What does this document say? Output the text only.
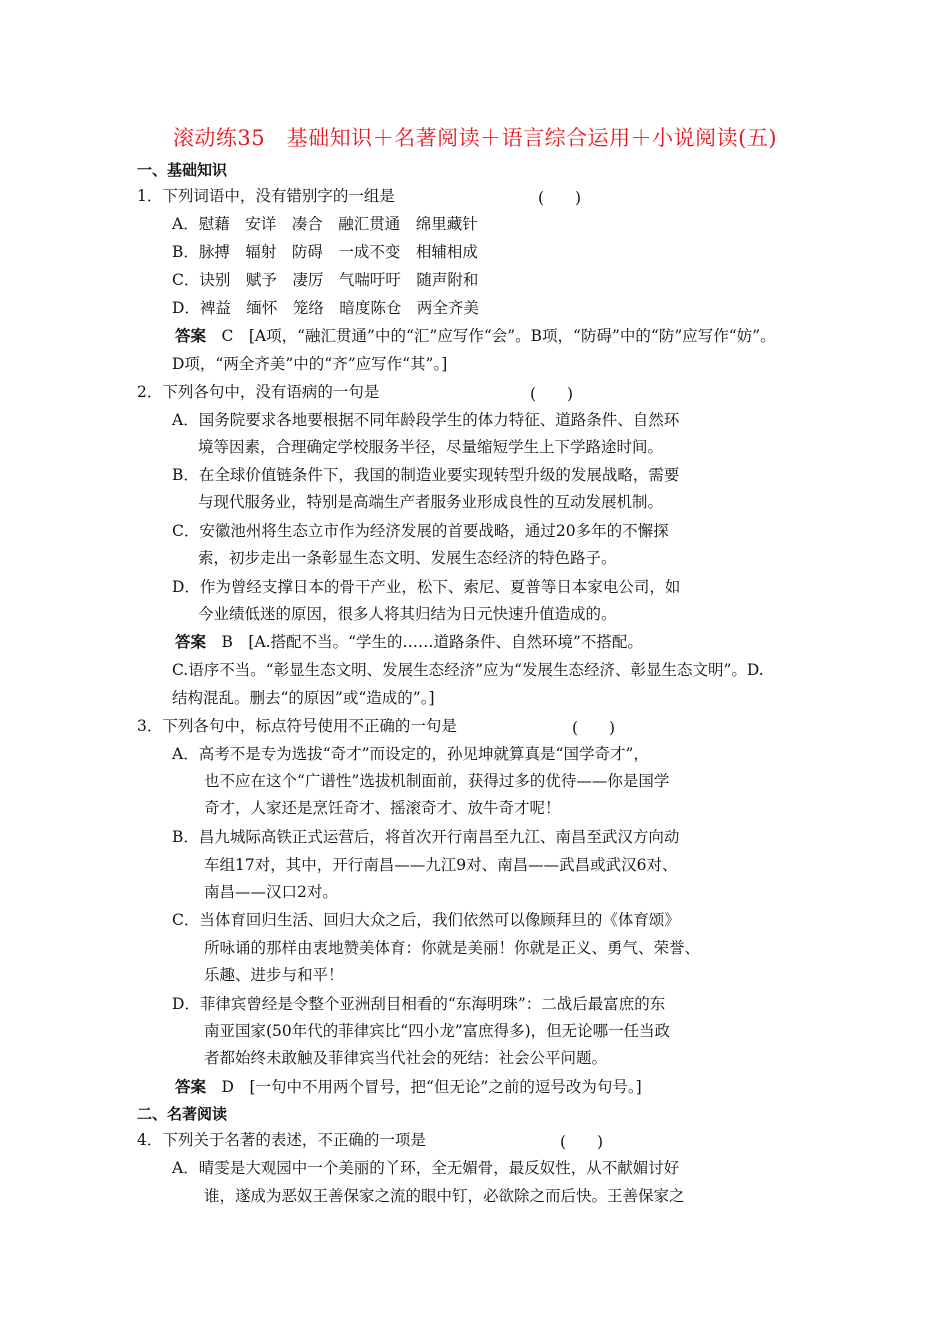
滚动练35　基础知识＋名著阅读＋语言综合运用＋小说阅读(五)
一、基础知识
1．下列词语中，没有错别字的一组是	(　　)
A．慰藉　安详　凑合　融汇贯通　绵里藏针
B．脉搏　辐射　防碍　一成不变　相辅相成
C．诀别　赋予　凄厉　气喘吁吁　随声附和
D．裨益　缅怀　笼络　暗度陈仓　两全齐美
答案　C　[A项，“融汇贯通”中的“汇”应写作“会”。B项，“防碍”中的“防”应写作“妨”。
D项，“两全齐美”中的“齐”应写作“其”。]
2．下列各句中，没有语病的一句是	(　　)
A．国务院要求各地要根据不同年龄段学生的体力特征、道路条件、自然环
境等因素，合理确定学校服务半径，尽量缩短学生上下学路途时间。
B．在全球价值链条件下，我国的制造业要实现转型升级的发展战略，需要
与现代服务业，特别是高端生产者服务业形成良性的互动发展机制。
C．安徽池州将生态立市作为经济发展的首要战略，通过20多年的不懈探
索，初步走出一条彰显生态文明、发展生态经济的特色路子。
D．作为曾经支撑日本的骨干产业，松下、索尼、夏普等日本家电公司，如
今业绩低迷的原因，很多人将其归结为日元快速升值造成的。
答案　B　[A.搭配不当。“学生的……道路条件、自然环境”不搭配。
C.语序不当。“彰显生态文明、发展生态经济”应为“发展生态经济、彰显生态文明”。D.
结构混乱。删去“的原因”或“造成的”。]
3．下列各句中，标点符号使用不正确的一句是	(　　)
A．高考不是专为选拔“奇才”而设定的，孙见坤就算真是“国学奇才”，
也不应在这个“广谱性”选拔机制面前，获得过多的优待——你是国学
奇才，人家还是烹饪奇才、摇滚奇才、放牛奇才呢！
B．昌九城际高铁正式运营后，将首次开行南昌至九江、南昌至武汉方向动
车组17对，其中，开行南昌——九江9对、南昌——武昌或武汉6对、
南昌——汉口2对。
C．当体育回归生活、回归大众之后，我们依然可以像顾拜旦的《体育颂》
所咏诵的那样由衷地赞美体育：你就是美丽！你就是正义、勇气、荣誉、
乐趣、进步与和平！
D．菲律宾曾经是令整个亚洲刮目相看的“东海明珠”：二战后最富庶的东
南亚国家(50年代的菲律宾比“四小龙”富庶得多)，但无论哪一任当政
者都始终未敢触及菲律宾当代社会的死结：社会公平问题。
答案　D　[一句中不用两个冒号，把“但无论”之前的逗号改为句号。]
二、名著阅读
4．下列关于名著的表述，不正确的一项是	(　　)
A．晴雯是大观园中一个美丽的丫环，全无媚骨，最反奴性，从不献媚讨好
谁，遂成为恶奴王善保家之流的眼中钉，必欲除之而后快。王善保家之
